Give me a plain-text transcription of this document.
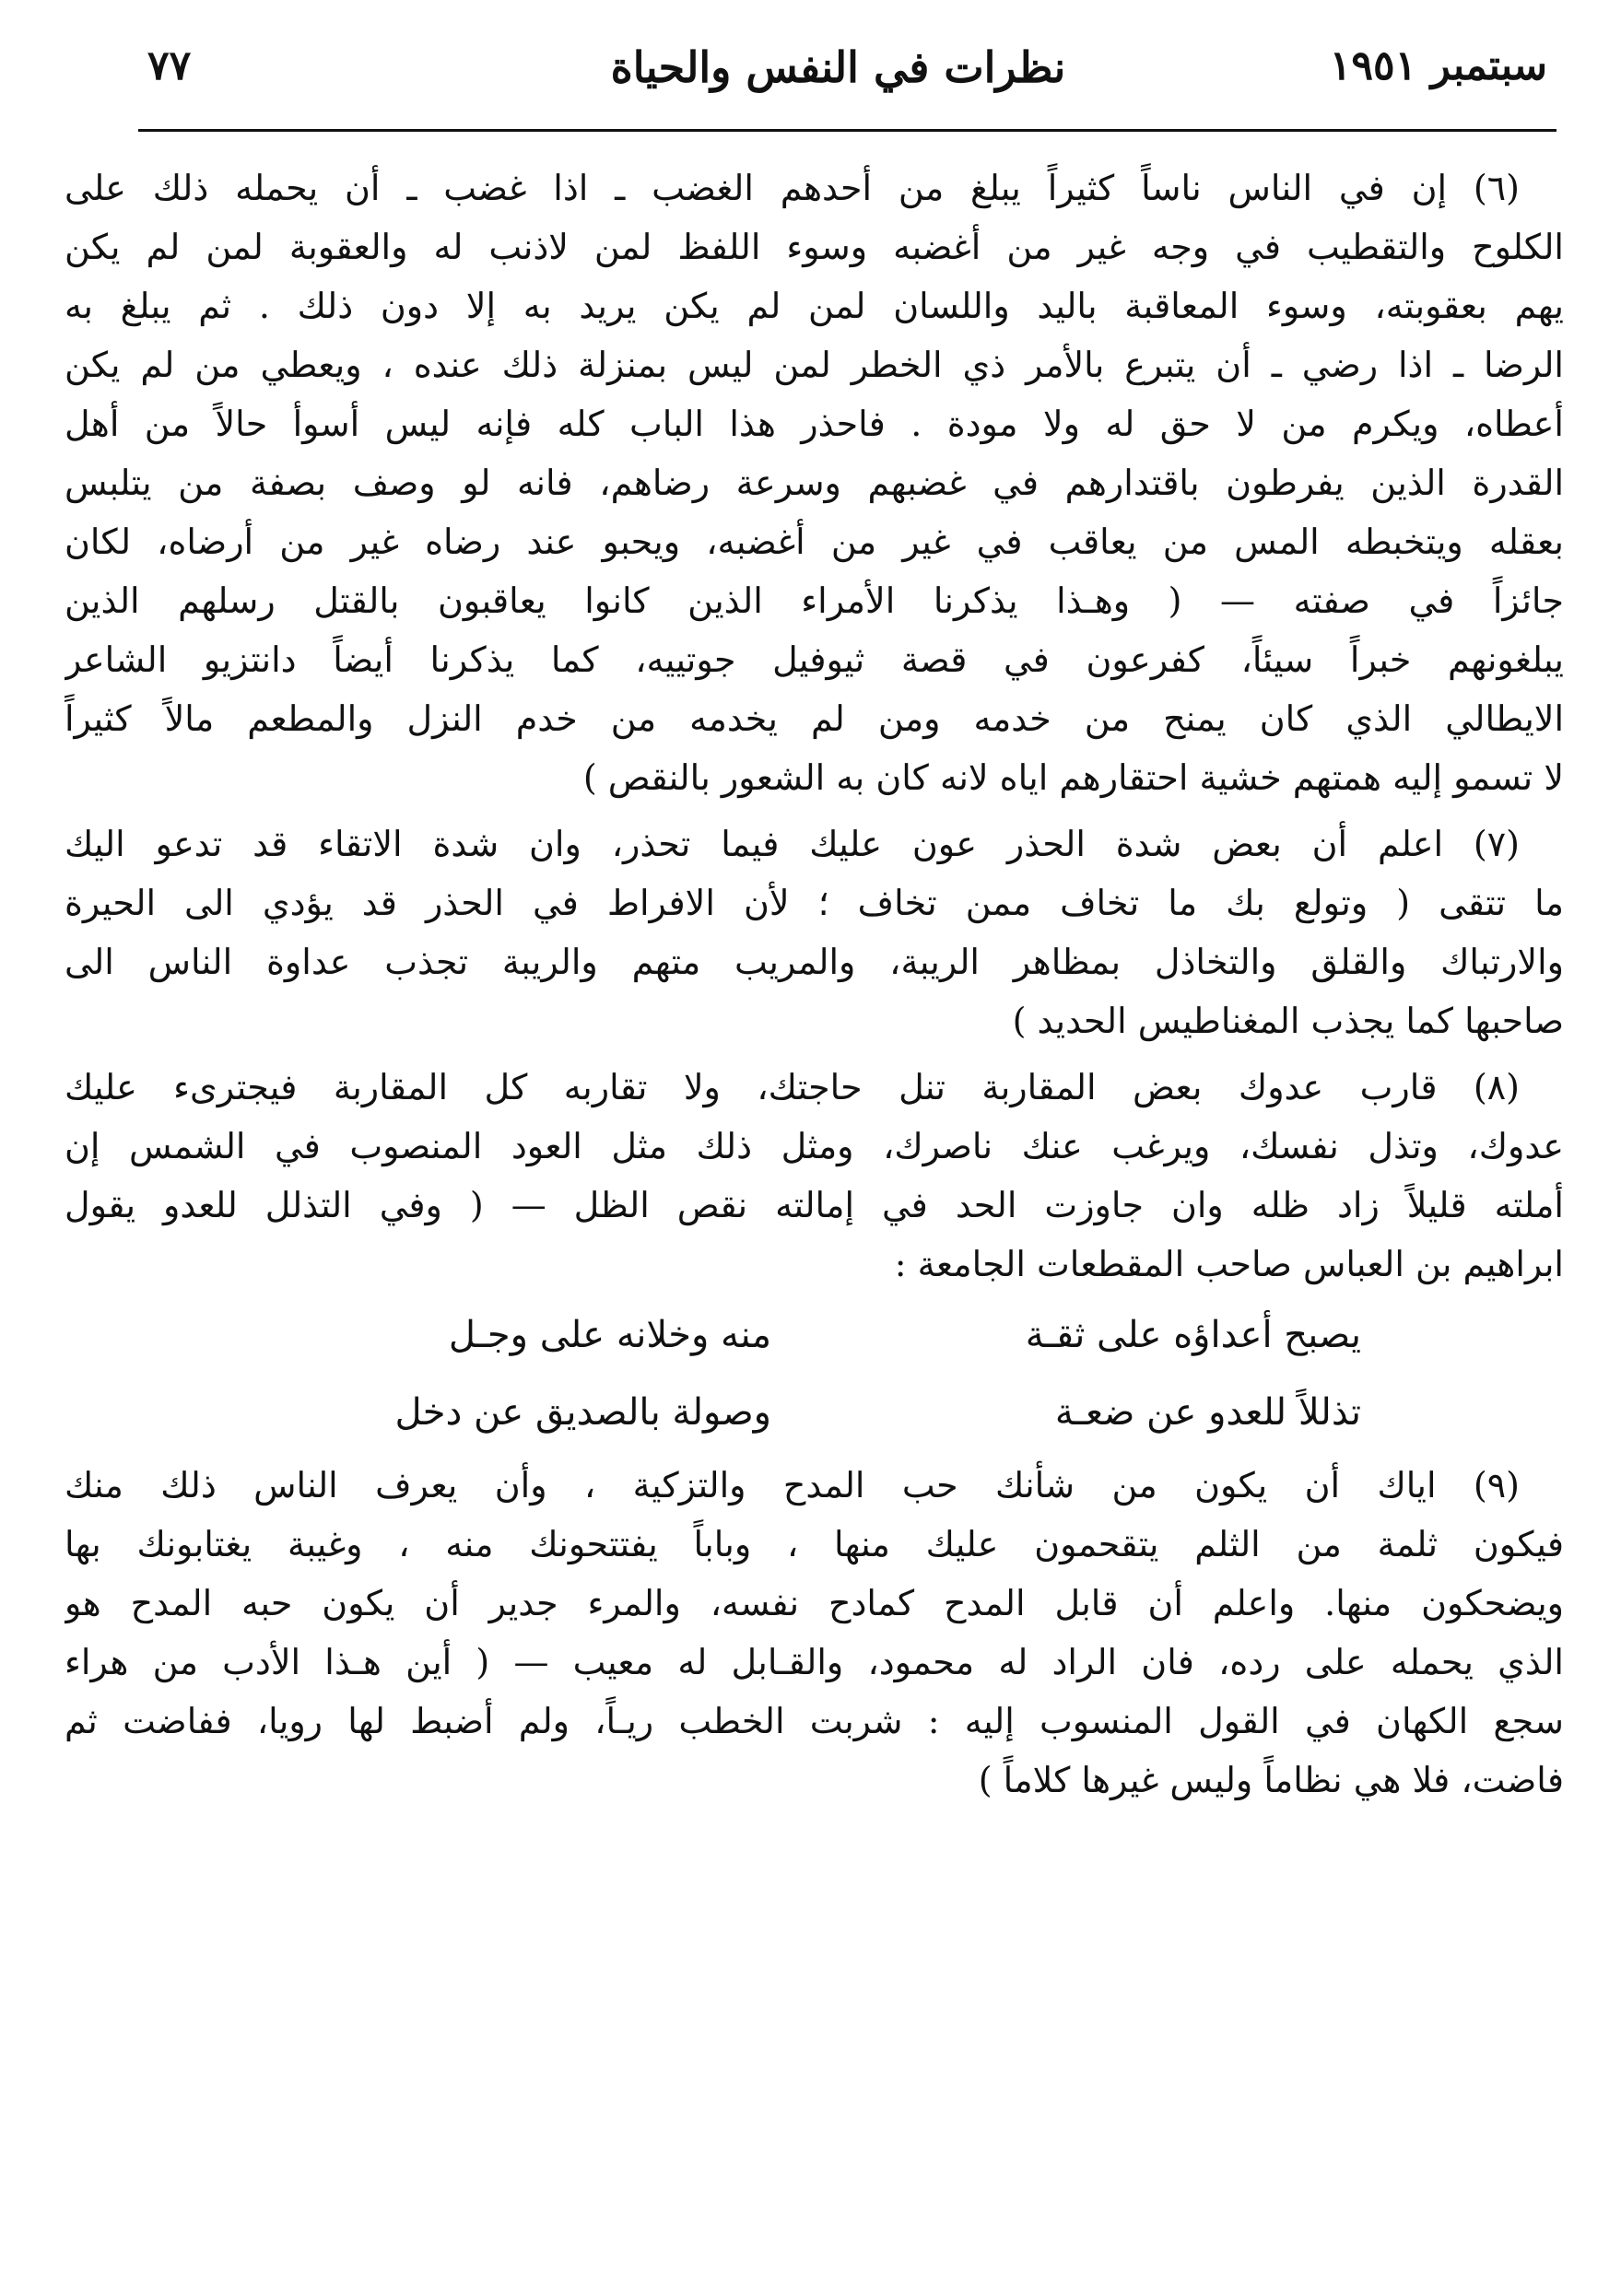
سبتمبر ١٩٥١
نظرات في النفس والحياة
٧٧
(٦) إن في الناس ناساً كثيراً يبلغ من أحدهم الغضب ـ اذا غضب ـ أن يحمله ذلك على
الكلوح والتقطيب في وجه غير من أغضبه وسوء اللفظ لمن لاذنب له والعقوبة لمن لم يكن
يهم بعقوبته، وسوء المعاقبة باليد واللسان لمن لم يكن يريد به إلا دون ذلك . ثم يبلغ به
الرضا ـ اذا رضي ـ أن يتبرع بالأمر ذي الخطر لمن ليس بمنزلة ذلك عنده ، ويعطي من لم يكن
أعطاه، ويكرم من لا حق له ولا مودة . فاحذر هذا الباب كله فإنه ليس أسوأ حالاً من أهل
القدرة الذين يفرطون باقتدارهم في غضبهم وسرعة رضاهم، فانه لو وصف بصفة من يتلبس
بعقله ويتخبطه المس من يعاقب في غير من أغضبه، ويحبو عند رضاه غير من أرضاه، لكان
جائزاً في صفته — ( وهـذا يذكرنا الأمراء الذين كانوا يعاقبون بالقتل رسلهم الذين
يبلغونهم خبراً سيئاً، كفرعون في قصة ثيوفيل جوتييه، كما يذكرنا أيضاً دانتزيو الشاعر
الايطالي الذي كان يمنح من خدمه ومن لم يخدمه من خدم النزل والمطعم مالاً كثيراً
لا تسمو إليه همتهم خشية احتقارهم اياه لانه كان به الشعور بالنقص )
(٧) اعلم أن بعض شدة الحذر عون عليك فيما تحذر، وان شدة الاتقاء قد تدعو اليك
ما تتقى ( وتولع بك ما تخاف ممن تخاف ؛ لأن الافراط في الحذر قد يؤدي الى الحيرة
والارتباك والقلق والتخاذل بمظاهر الريبة، والمريب متهم والريبة تجذب عداوة الناس الى
صاحبها كما يجذب المغناطيس الحديد )
(٨) قارب عدوك بعض المقاربة تنل حاجتك، ولا تقاربه كل المقاربة فيجترىء عليك
عدوك، وتذل نفسك، ويرغب عنك ناصرك، ومثل ذلك مثل العود المنصوب في الشمس إن
أملته قليلاً زاد ظله وان جاوزت الحد في إمالته نقص الظل — ( وفي التذلل للعدو يقول
ابراهيم بن العباس صاحب المقطعات الجامعة :
يصبح أعداؤه على ثقـة
منه وخلانه على وجـل
تذللاً للعدو عن ضعـة
وصولة بالصديق عن دخل
(٩) اياك أن يكون من شأنك حب المدح والتزكية ، وأن يعرف الناس ذلك منك
فيكون ثلمة من الثلم يتقحمون عليك منها ، وباباً يفتتحونك منه ، وغيبة يغتابونك بها
ويضحكون منها. واعلم أن قابل المدح كمادح نفسه، والمرء جدير أن يكون حبه المدح هو
الذي يحمله على رده، فان الراد له محمود، والقـابل له معيب — ( أين هـذا الأدب من هراء
سجع الكهان في القول المنسوب إليه : شربت الخطب ريـاً، ولم أضبط لها رويا، ففاضت ثم
فاضت، فلا هي نظاماً وليس غيرها كلاماً )
